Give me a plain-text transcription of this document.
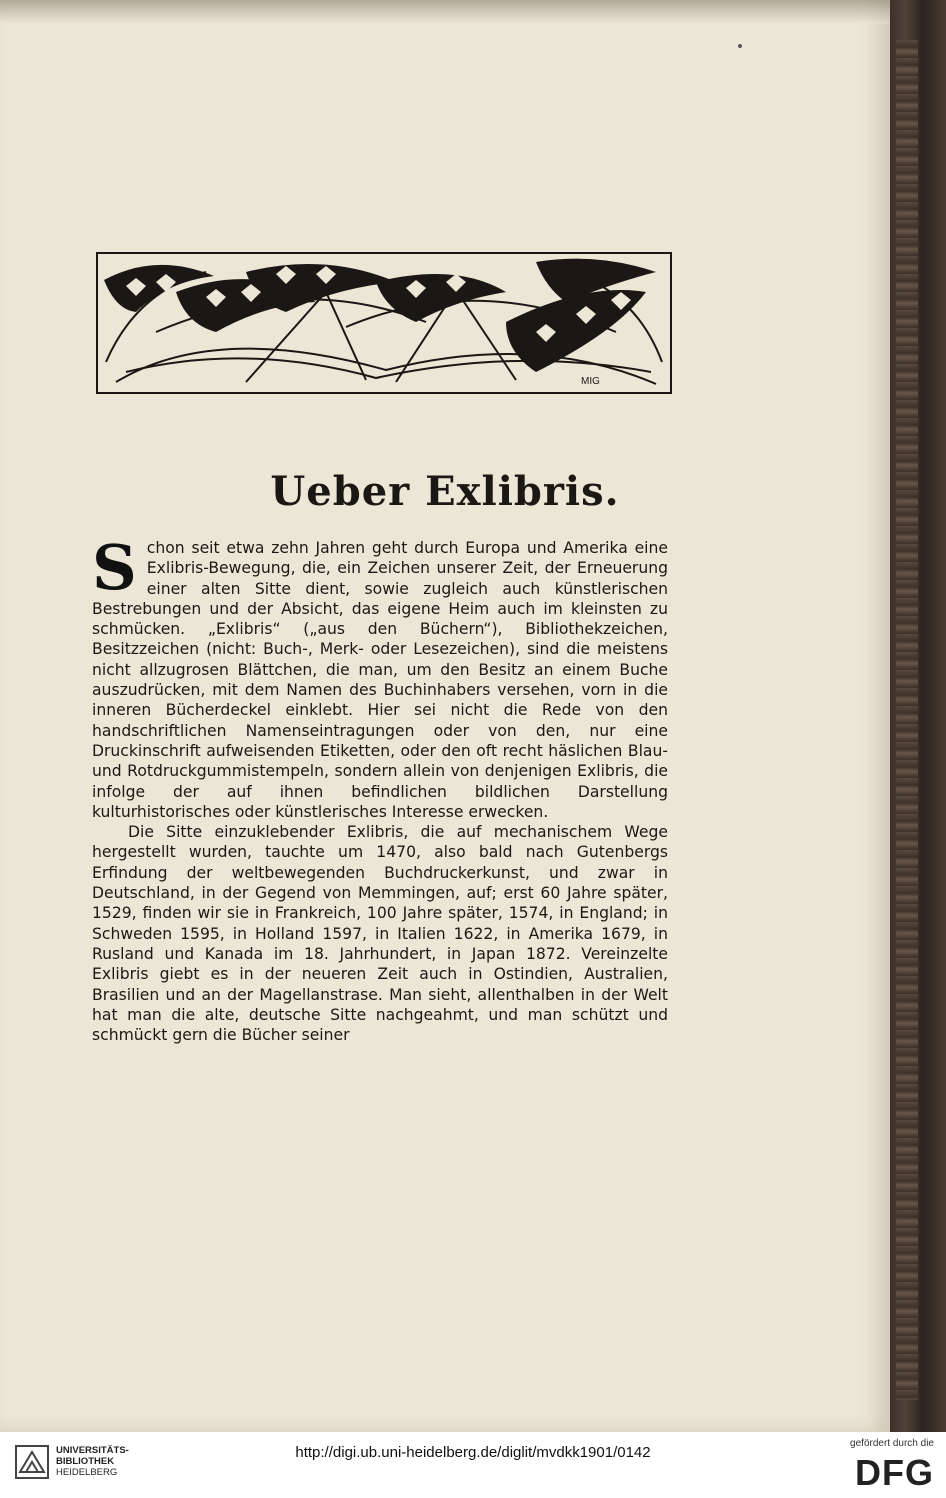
MIG
Ueber Exlibris.

S chon seit etwa zehn Jahren geht durch Europa und Amerika eine Exlibris-Bewegung, die, ein Zeichen unserer Zeit, der Erneuerung einer alten Sitte dient, sowie zugleich auch künstlerischen Bestrebungen und der Absicht, das eigene Heim auch im kleinsten zu schmücken. „Exlibris“ („aus den Büchern“), Bibliothekzeichen, Besitzzeichen (nicht: Buch-, Merk- oder Lesezeichen), sind die meistens nicht allzugrosen Blättchen, die man, um den Besitz an einem Buche auszudrücken, mit dem Namen des Buchinhabers versehen, vorn in die inneren Bücherdeckel einklebt. Hier sei nicht die Rede von den handschriftlichen Namenseintragungen oder von den, nur eine Druckinschrift aufweisenden Etiketten, oder den oft recht häslichen Blau- und Rotdruckgummistempeln, sondern allein von denjenigen Exlibris, die infolge der auf ihnen befindlichen bildlichen Darstellung kulturhistorisches oder künstlerisches Interesse erwecken.

Die Sitte einzuklebender Exlibris, die auf mechanischem Wege hergestellt wurden, tauchte um 1470, also bald nach Gutenbergs Erfindung der weltbewegenden Buchdruckerkunst, und zwar in Deutschland, in der Gegend von Memmingen, auf; erst 60 Jahre später, 1529, finden wir sie in Frankreich, 100 Jahre später, 1574, in England; in Schweden 1595, in Holland 1597, in Italien 1622, in Amerika 1679, in Rusland und Kanada im 18. Jahrhundert, in Japan 1872. Vereinzelte Exlibris giebt es in der neueren Zeit auch in Ostindien, Australien, Brasilien und an der Magellanstrase. Man sieht, allenthalben in der Welt hat man die alte, deutsche Sitte nachgeahmt, und man schützt und schmückt gern die Bücher seiner

UNIVERSITÄTS-
BIBLIOTHEK
HEIDELBERG
http://digi.ub.uni-heidelberg.de/diglit/mvdkk1901/0142
gefördert durch die
DFG
